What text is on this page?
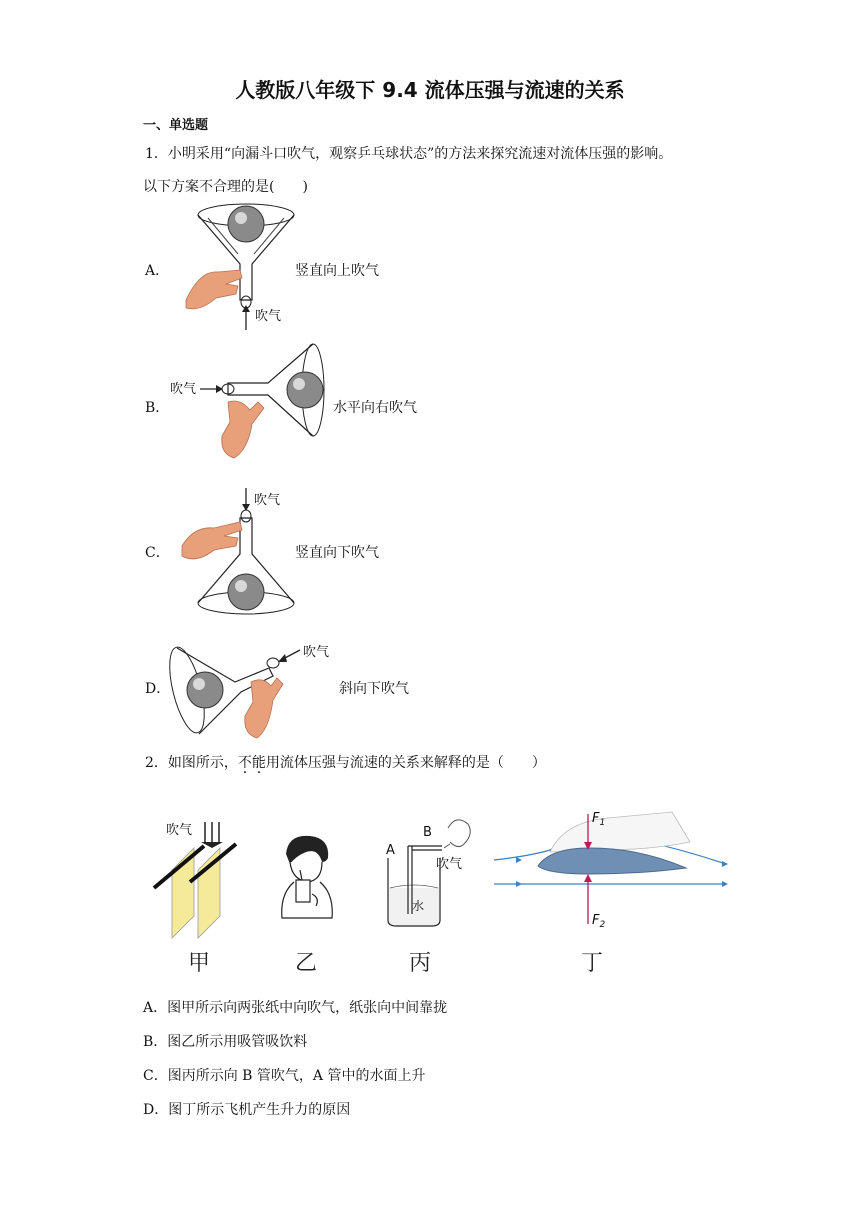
人教版八年级下 9.4 流体压强与流速的关系
一、单选题
1．小明采用“向漏斗口吹气，观察乒乓球状态”的方法来探究流速对流体压强的影响。
以下方案不合理的是(　　)
A．
吹气
竖直向上吹气
B．
吹气
水平向右吹气
C．
吹气
竖直向下吹气
D．
吹气
斜向下吹气
2．如图所示，不能用流体压强与流速的关系来解释的是（　　）
吹气	B
A
水
吹气
$F_1$
$F_2$
甲	乙	丙	丁
A．图甲所示向两张纸中向吹气，纸张向中间靠拢
B．图乙所示用吸管吸饮料
C．图丙所示向 B 管吹气，A 管中的水面上升
D．图丁所示飞机产生升力的原因
